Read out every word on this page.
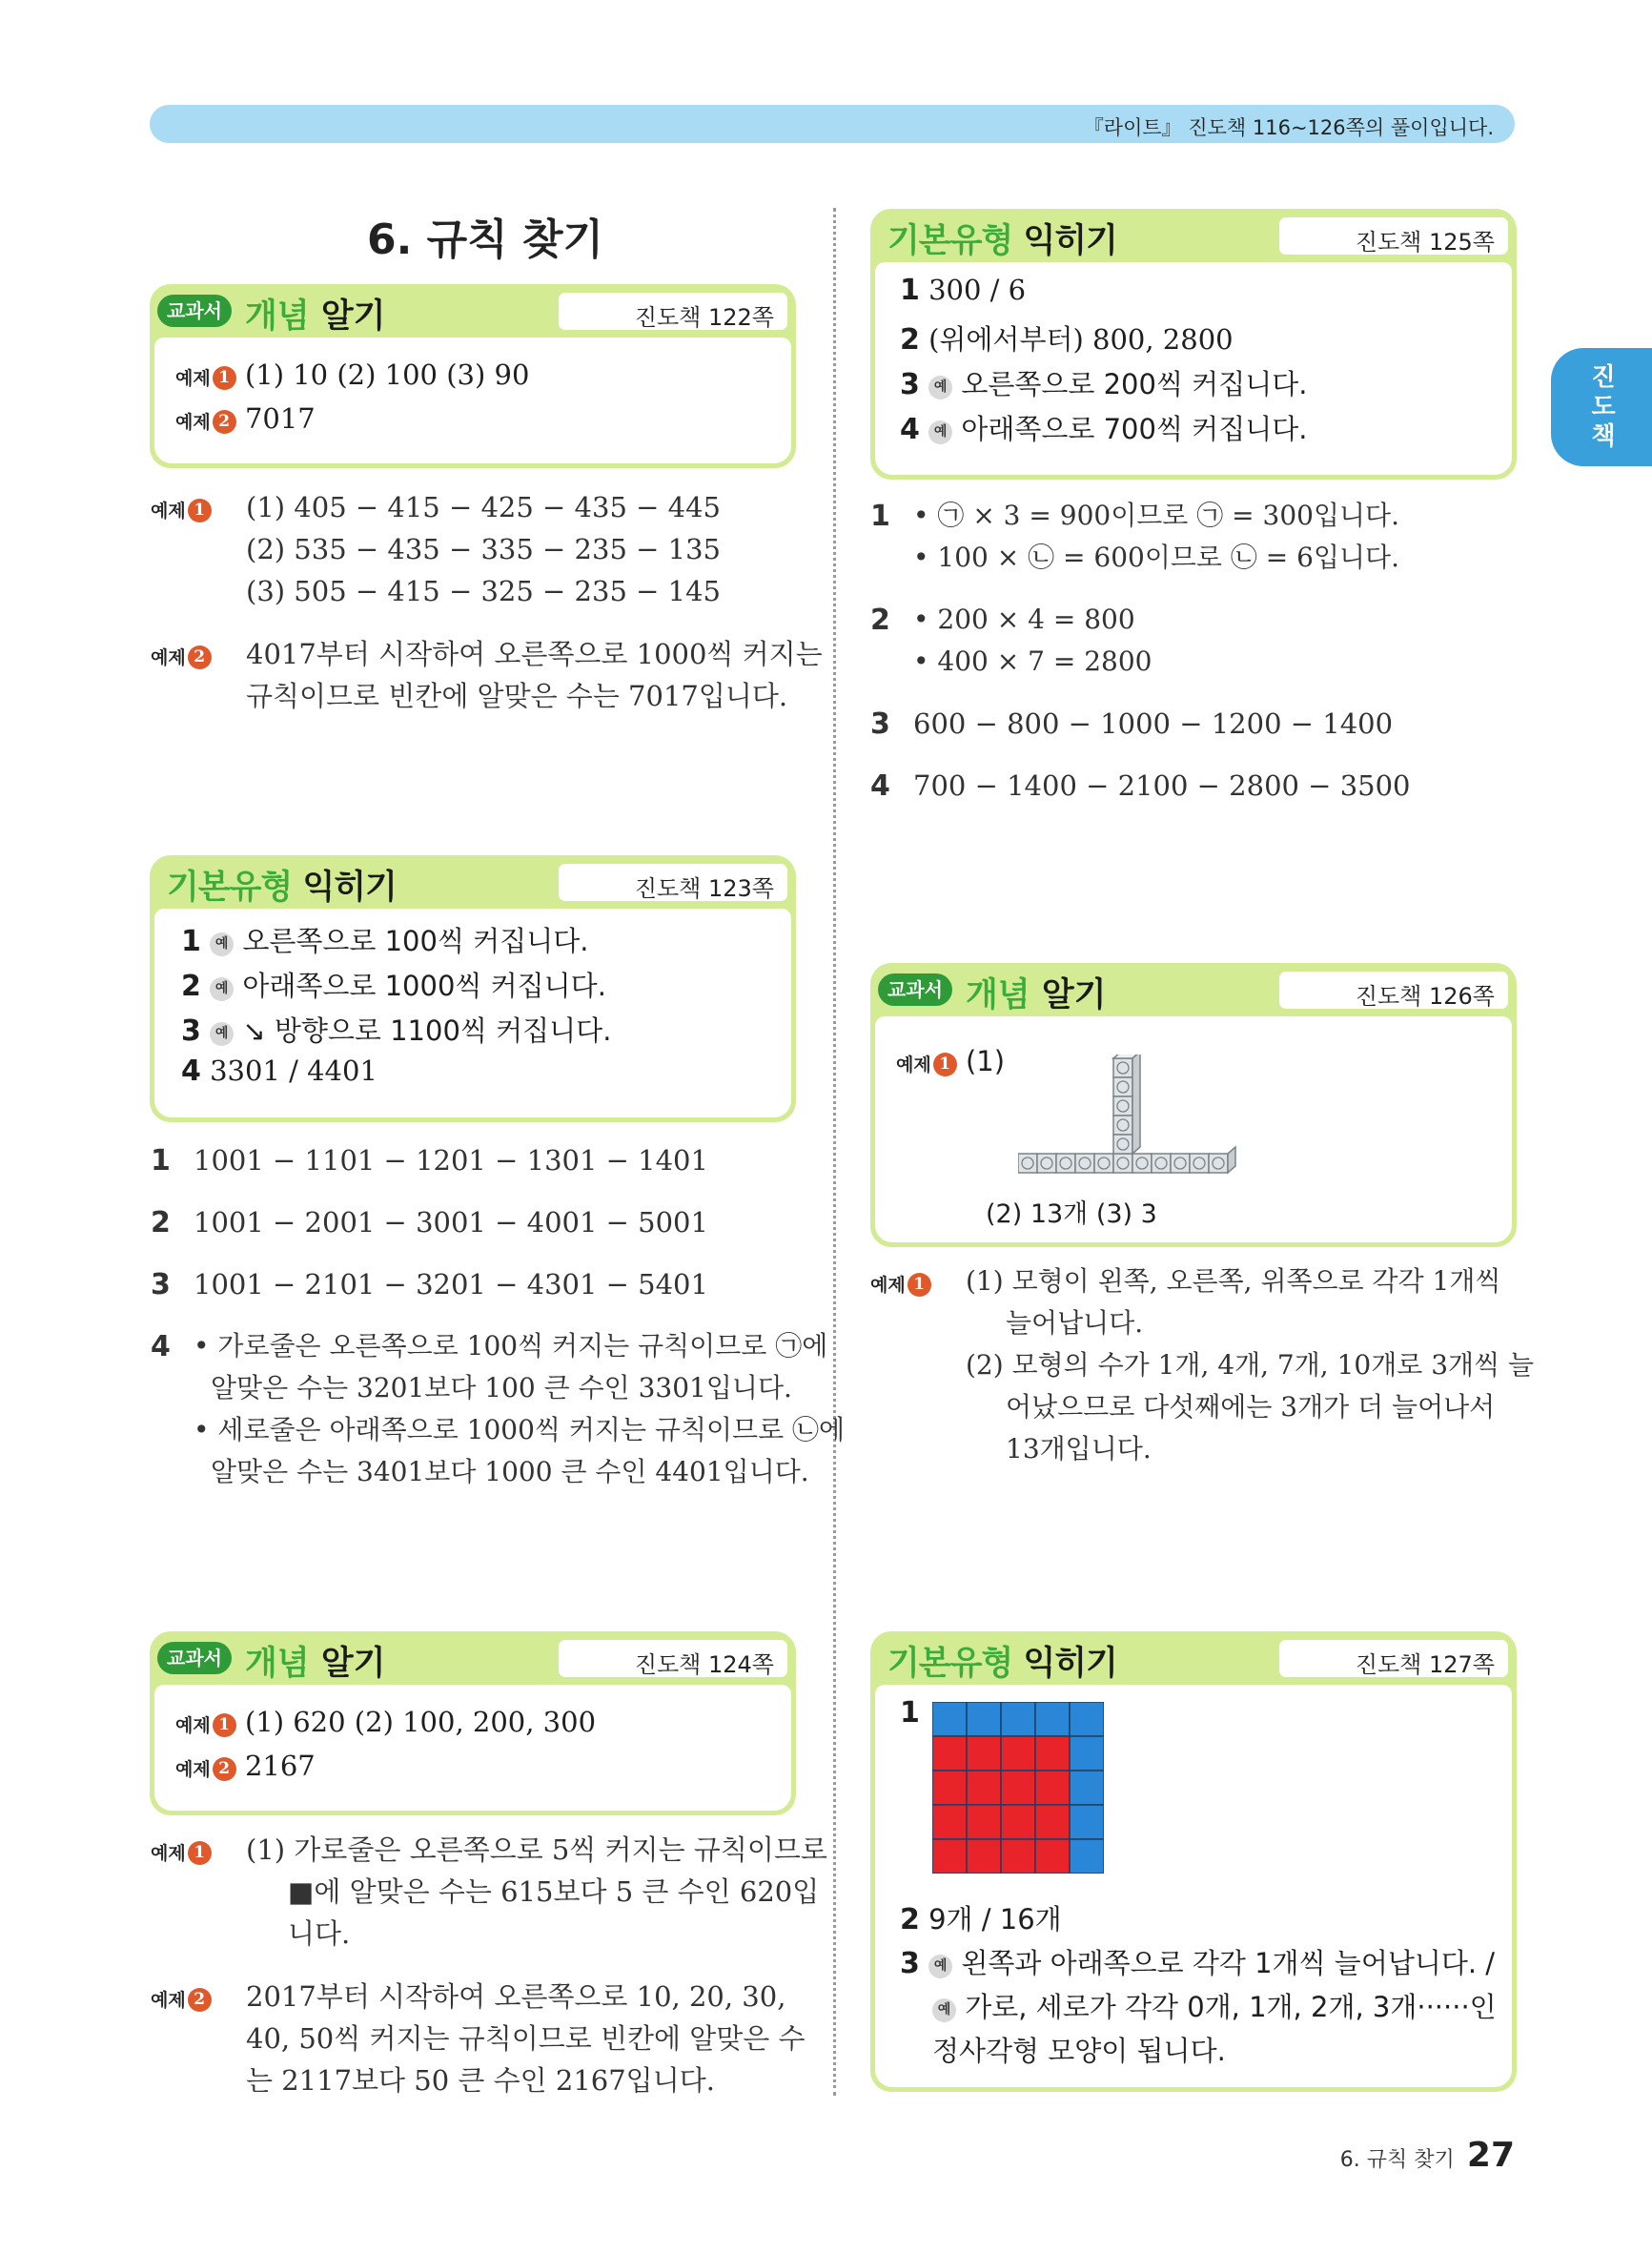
『라이트』 진도책 116~126쪽의 풀이입니다.
진도책
6. 규칙 찾기
교과서 개념 알기	진도책 122쪽
예제 1 (1) 10 (2) 100 (3) 90
예제 2 7017
예제 1 (1) 405 − 415 − 425 − 435 − 445
(2) 535 − 435 − 335 − 235 − 135
(3) 505 − 415 − 325 − 235 − 145
예제 2 4017부터 시작하여 오른쪽으로 1000씩 커지는
규칙이므로 빈칸에 알맞은 수는 7017입니다.
기본유형 익히기	진도책 123쪽
1 예 오른쪽으로 100씩 커집니다.
2 예 아래쪽으로 1000씩 커집니다.
3 예 ↘ 방향으로 1100씩 커집니다.
4 3301 / 4401
1 1001 − 1101 − 1201 − 1301 − 1401
2 1001 − 2001 − 3001 − 4001 − 5001
3 1001 − 2101 − 3201 − 4301 − 5401
4 • 가로줄은 오른쪽으로 100씩 커지는 규칙이므로 ㉠에
알맞은 수는 3201보다 100 큰 수인 3301입니다.
• 세로줄은 아래쪽으로 1000씩 커지는 규칙이므로 ㉡에
알맞은 수는 3401보다 1000 큰 수인 4401입니다.
교과서 개념 알기	진도책 124쪽
예제 1 (1) 620 (2) 100, 200, 300
예제 2 2167
예제 1 (1) 가로줄은 오른쪽으로 5씩 커지는 규칙이므로
■에 알맞은 수는 615보다 5 큰 수인 620입
니다.
예제 2 2017부터 시작하여 오른쪽으로 10, 20, 30,
40, 50씩 커지는 규칙이므로 빈칸에 알맞은 수
는 2117보다 50 큰 수인 2167입니다.
기본유형 익히기	진도책 125쪽
1 300 / 6
2 (위에서부터) 800, 2800
3 예 오른쪽으로 200씩 커집니다.
4 예 아래쪽으로 700씩 커집니다.
1 • ㉠ × 3 = 900이므로 ㉠ = 300입니다.
• 100 × ㉡ = 600이므로 ㉡ = 6입니다.
2 • 200 × 4 = 800
• 400 × 7 = 2800
3 600 − 800 − 1000 − 1200 − 1400
4 700 − 1400 − 2100 − 2800 − 3500
교과서 개념 알기	진도책 126쪽
예제 1 (1)
(2) 13개 (3) 3
예제 1 (1) 모형이 왼쪽, 오른쪽, 위쪽으로 각각 1개씩
늘어납니다.
(2) 모형의 수가 1개, 4개, 7개, 10개로 3개씩 늘
어났으므로 다섯째에는 3개가 더 늘어나서
13개입니다.
기본유형 익히기	진도책 127쪽
1
2 9개 / 16개
3 예 왼쪽과 아래쪽으로 각각 1개씩 늘어납니다. /
예 가로, 세로가 각각 0개, 1개, 2개, 3개······인
정사각형 모양이 됩니다.
6. 규칙 찾기 27
